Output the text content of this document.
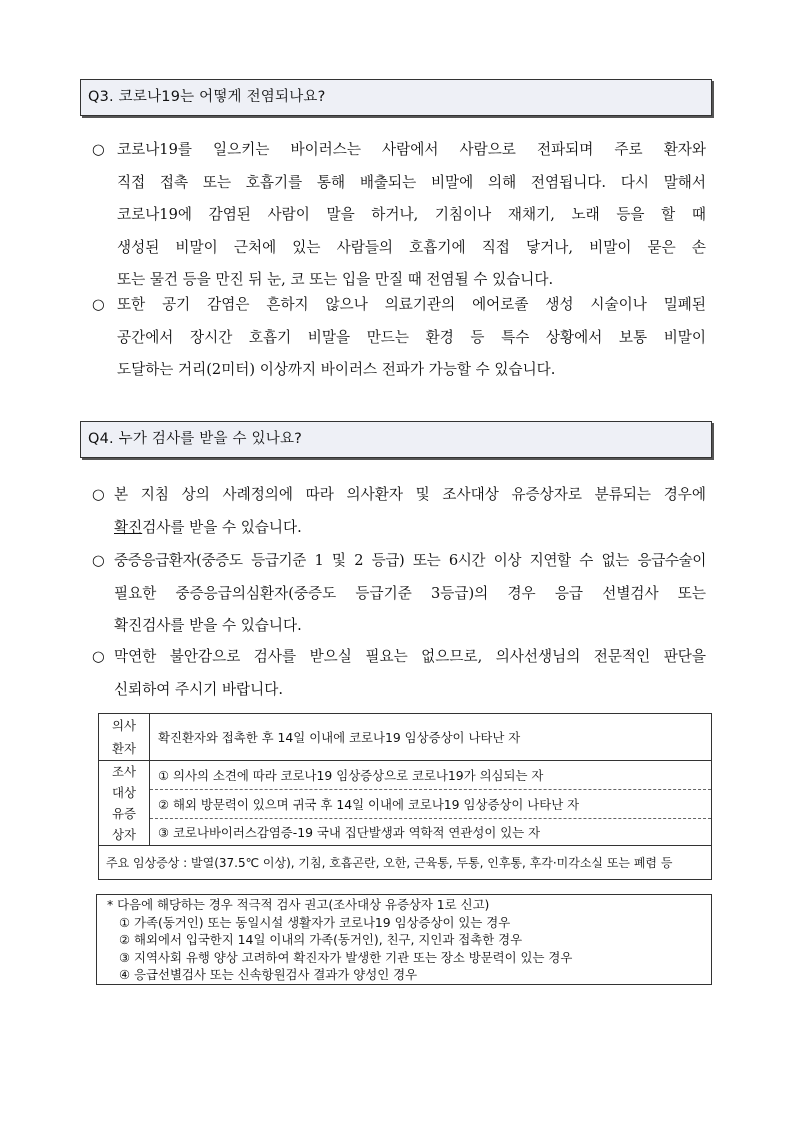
Q3. 코로나19는 어떻게 전염되나요?
○ 코로나19를 일으키는 바이러스는 사람에서 사람으로 전파되며 주로 환자와
직접 접촉 또는 호흡기를 통해 배출되는 비말에 의해 전염됩니다. 다시 말해서
코로나19에 감염된 사람이 말을 하거나, 기침이나 재채기, 노래 등을 할 때
생성된 비말이 근처에 있는 사람들의 호흡기에 직접 닿거나, 비말이 묻은 손
또는 물건 등을 만진 뒤 눈, 코 또는 입을 만질 때 전염될 수 있습니다.
○ 또한 공기 감염은 흔하지 않으나 의료기관의 에어로졸 생성 시술이나 밀폐된
공간에서 장시간 호흡기 비말을 만드는 환경 등 특수 상황에서 보통 비말이
도달하는 거리(2미터) 이상까지 바이러스 전파가 가능할 수 있습니다.
Q4. 누가 검사를 받을 수 있나요?
○ 본 지침 상의 사례정의에 따라 의사환자 및 조사대상 유증상자로 분류되는 경우에
확진검사를 받을 수 있습니다.
○ 중증응급환자(중증도 등급기준 1 및 2 등급) 또는 6시간 이상 지연할 수 없는 응급수술이
필요한 중증응급의심환자(중증도 등급기준 3등급)의 경우 응급 선별검사 또는
확진검사를 받을 수 있습니다.
○ 막연한 불안감으로 검사를 받으실 필요는 없으므로, 의사선생님의 전문적인 판단을
신뢰하여 주시기 바랍니다.
의사
환자	확진환자와 접촉한 후 14일 이내에 코로나19 임상증상이 나타난 자
조사
대상
유증
상자	① 의사의 소견에 따라 코로나19 임상증상으로 코로나19가 의심되는 자
	② 해외 방문력이 있으며 귀국 후 14일 이내에 코로나19 임상증상이 나타난 자
	③ 코로나바이러스감염증-19 국내 집단발생과 역학적 연관성이 있는 자
주요 임상증상 : 발열(37.5℃ 이상), 기침, 호흡곤란, 오한, 근육통, 두통, 인후통, 후각·미각소실 또는 폐렴 등	
* 다음에 해당하는 경우 적극적 검사 권고(조사대상 유증상자 1로 신고)
① 가족(동거인) 또는 동일시설 생활자가 코로나19 임상증상이 있는 경우
② 해외에서 입국한지 14일 이내의 가족(동거인), 친구, 지인과 접촉한 경우
③ 지역사회 유행 양상 고려하여 확진자가 발생한 기관 또는 장소 방문력이 있는 경우
④ 응급선별검사 또는 신속항원검사 결과가 양성인 경우
